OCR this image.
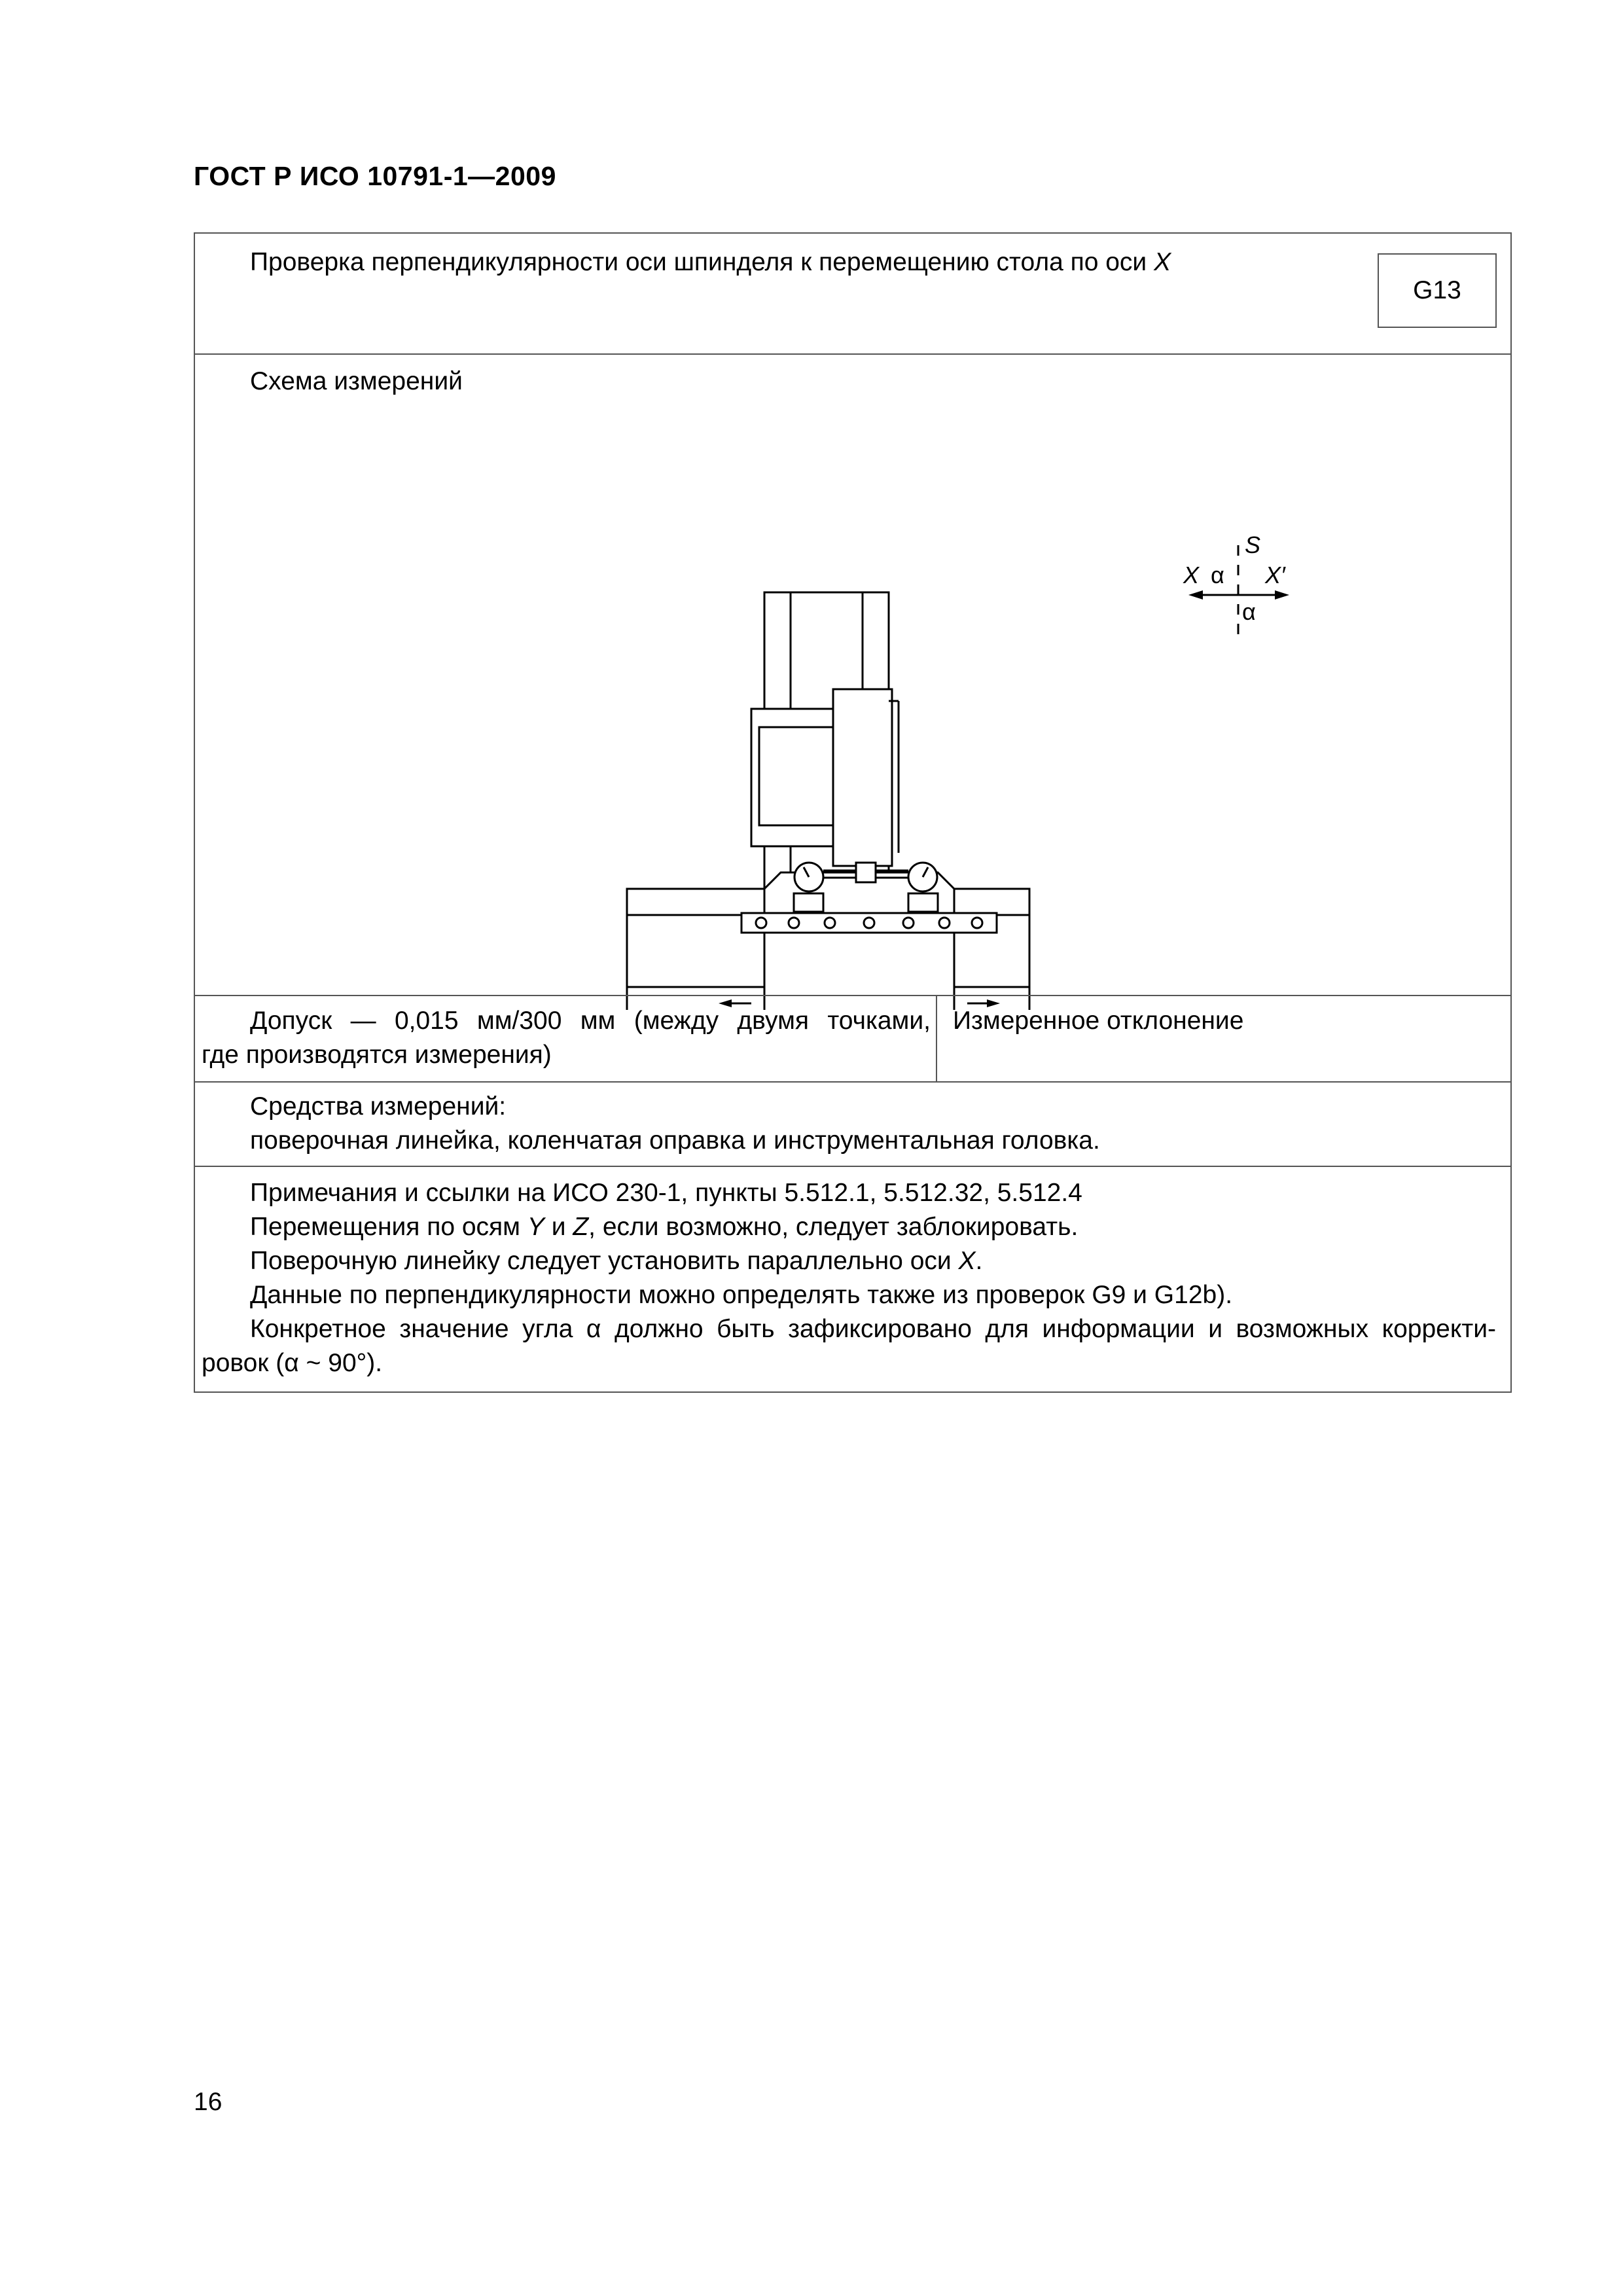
ГОСТ Р ИСО 10791-1—2009
Проверка перпендикулярности оси шпинделя к перемещению стола по оси X
G13
Схема измерений
X α X′
S
α
Допуск — 0,015 мм/300 мм (между двумя точками,
где производятся измерения)
Измеренное отклонение
Средства измерений:
поверочная линейка, коленчатая оправка и инструментальная головка.
Примечания и ссылки на ИСО 230-1, пункты 5.512.1, 5.512.32, 5.512.4
Перемещения по осям Y и Z, если возможно, следует заблокировать.
Поверочную линейку следует установить параллельно оси X.
Данные по перпендикулярности можно определять также из проверок G9 и G12b).
Конкретное значение угла α должно быть зафиксировано для информации и возможных корректи-
ровок (α ~ 90°).
16
